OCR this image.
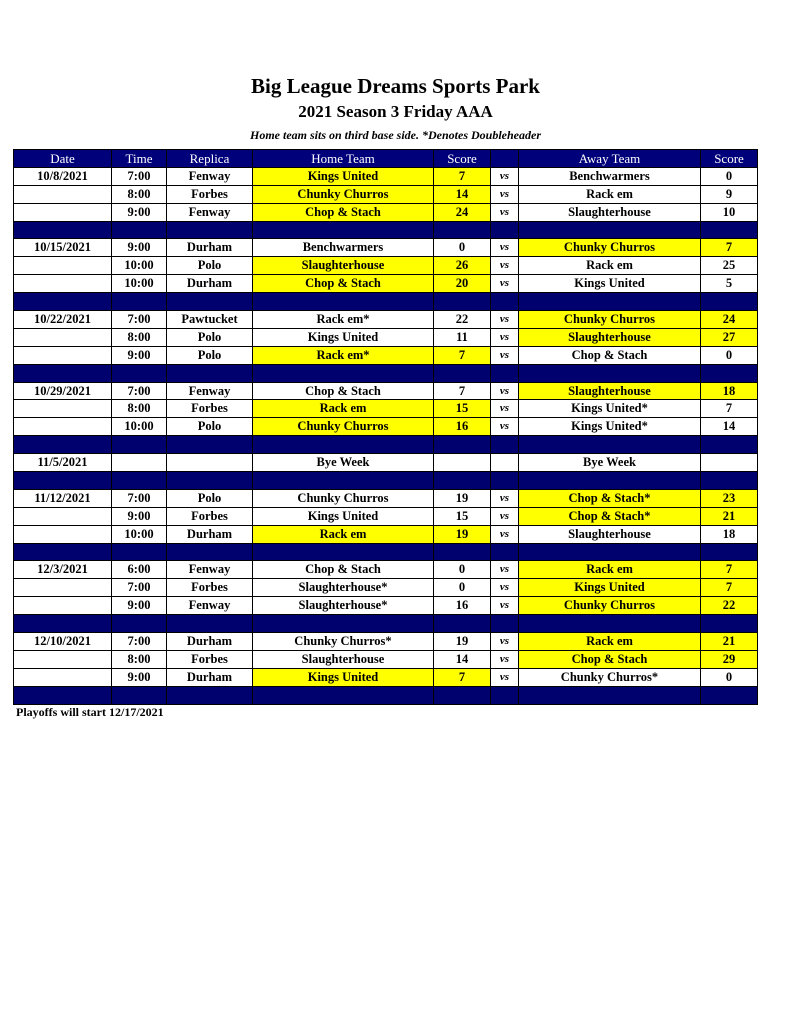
Big League Dreams Sports Park
2021 Season 3 Friday AAA
Home team sits on third base side. *Denotes Doubleheader
Date	Time	Replica	Home Team	Score		Away Team	Score
10/8/2021	7:00	Fenway	Kings United	7	vs	Benchwarmers	0
	8:00	Forbes	Chunky Churros	14	vs	Rack em	9
	9:00	Fenway	Chop & Stach	24	vs	Slaughterhouse	10

10/15/2021	9:00	Durham	Benchwarmers	0	vs	Chunky Churros	7
	10:00	Polo	Slaughterhouse	26	vs	Rack em	25
	10:00	Durham	Chop & Stach	20	vs	Kings United	5

10/22/2021	7:00	Pawtucket	Rack em*	22	vs	Chunky Churros	24
	8:00	Polo	Kings United	11	vs	Slaughterhouse	27
	9:00	Polo	Rack em*	7	vs	Chop & Stach	0

10/29/2021	7:00	Fenway	Chop & Stach	7	vs	Slaughterhouse	18
	8:00	Forbes	Rack em	15	vs	Kings United*	7
	10:00	Polo	Chunky Churros	16	vs	Kings United*	14

11/5/2021			Bye Week			Bye Week	

11/12/2021	7:00	Polo	Chunky Churros	19	vs	Chop & Stach*	23
	9:00	Forbes	Kings United	15	vs	Chop & Stach*	21
	10:00	Durham	Rack em	19	vs	Slaughterhouse	18

12/3/2021	6:00	Fenway	Chop & Stach	0	vs	Rack em	7
	7:00	Forbes	Slaughterhouse*	0	vs	Kings United	7
	9:00	Fenway	Slaughterhouse*	16	vs	Chunky Churros	22

12/10/2021	7:00	Durham	Chunky Churros*	19	vs	Rack em	21
	8:00	Forbes	Slaughterhouse	14	vs	Chop & Stach	29
	9:00	Durham	Kings United	7	vs	Chunky Churros*	0

Playoffs will start 12/17/2021
